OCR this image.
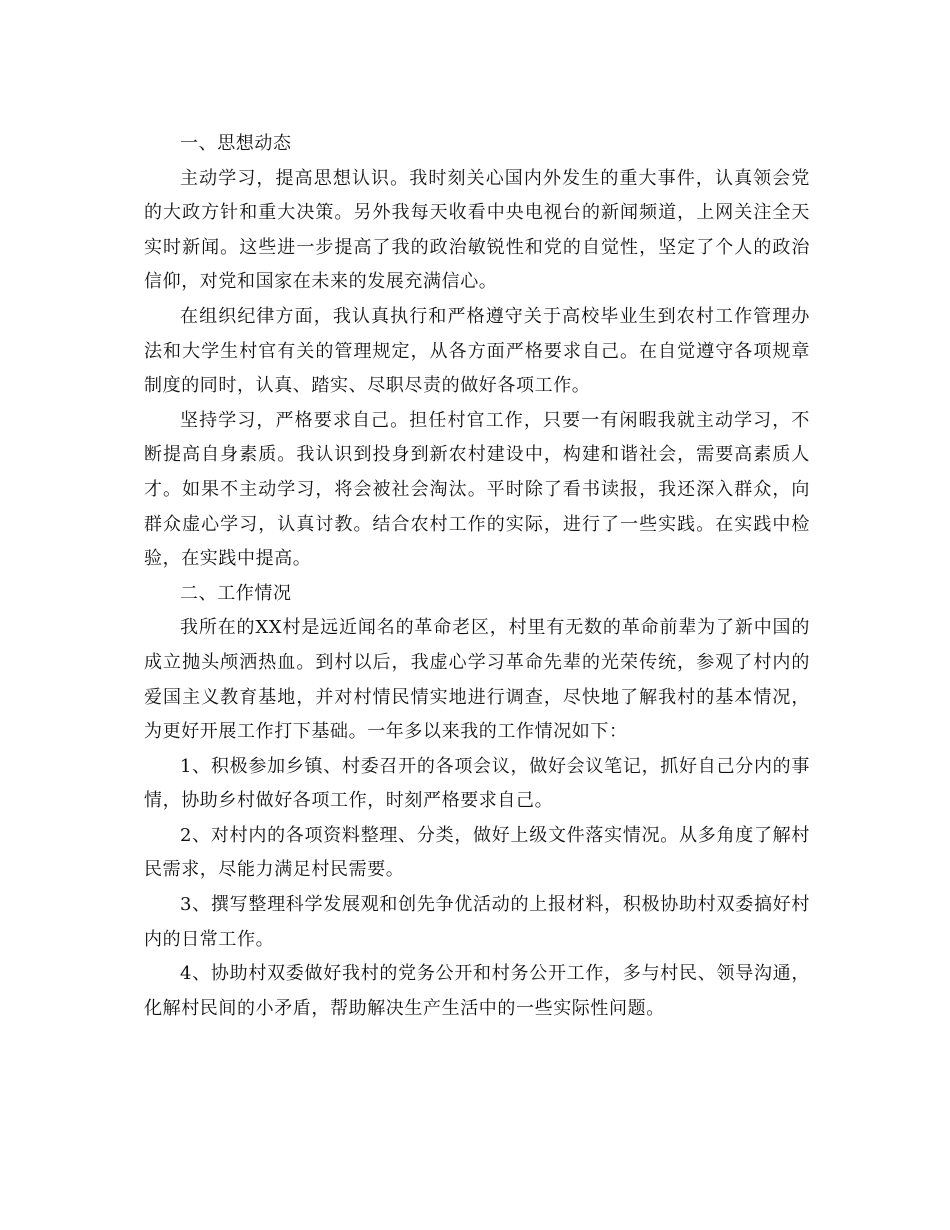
一、思想动态

主动学习，提高思想认识。我时刻关心国内外发生的重大事件，认真领会党的大政方针和重大决策。另外我每天收看中央电视台的新闻频道，上网关注全天实时新闻。这些进一步提高了我的政治敏锐性和党的自觉性，坚定了个人的政治信仰，对党和国家在未来的发展充满信心。

在组织纪律方面，我认真执行和严格遵守关于高校毕业生到农村工作管理办法和大学生村官有关的管理规定，从各方面严格要求自己。在自觉遵守各项规章制度的同时，认真、踏实、尽职尽责的做好各项工作。

坚持学习，严格要求自己。担任村官工作，只要一有闲暇我就主动学习，不断提高自身素质。我认识到投身到新农村建设中，构建和谐社会，需要高素质人才。如果不主动学习，将会被社会淘汰。平时除了看书读报，我还深入群众，向群众虚心学习，认真讨教。结合农村工作的实际，进行了一些实践。在实践中检验，在实践中提高。

二、工作情况

我所在的XX村是远近闻名的革命老区，村里有无数的革命前辈为了新中国的成立抛头颅洒热血。到村以后，我虚心学习革命先辈的光荣传统，参观了村内的爱国主义教育基地，并对村情民情实地进行调查，尽快地了解我村的基本情况，为更好开展工作打下基础。一年多以来我的工作情况如下：

1、积极参加乡镇、村委召开的各项会议，做好会议笔记，抓好自己分内的事情，协助乡村做好各项工作，时刻严格要求自己。

2、对村内的各项资料整理、分类，做好上级文件落实情况。从多角度了解村民需求，尽能力满足村民需要。

3、撰写整理科学发展观和创先争优活动的上报材料，积极协助村双委搞好村内的日常工作。

4、协助村双委做好我村的党务公开和村务公开工作，多与村民、领导沟通，化解村民间的小矛盾，帮助解决生产生活中的一些实际性问题。
